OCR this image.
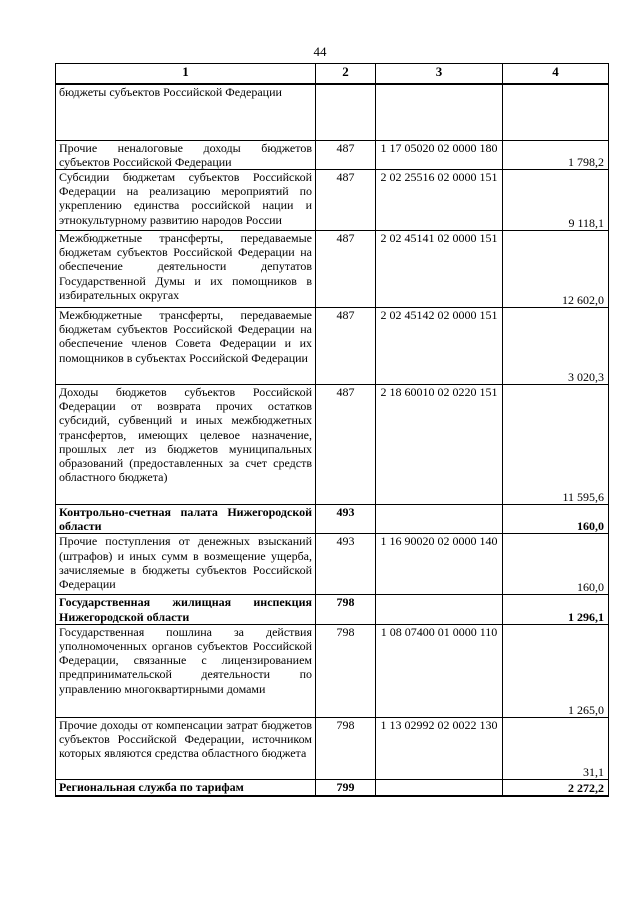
44
1	2	3	4
бюджеты субъектов Российской Федерации			
Прочие неналоговые доходы бюджетов субъектов Российской Федерации	487	1 17 05020 02 0000 180	1 798,2
Субсидии бюджетам субъектов Российской Федерации на реализацию мероприятий по укреплению единства российской нации и этнокультурному развитию народов России	487	2 02 25516 02 0000 151	9 118,1
Межбюджетные трансферты, передаваемые бюджетам субъектов Российской Федерации на обеспечение деятельности депутатов Государственной Думы и их помощников в избирательных округах	487	2 02 45141 02 0000 151	12 602,0
Межбюджетные трансферты, передаваемые бюджетам субъектов Российской Федерации на обеспечение членов Совета Федерации и их помощников в субъектах Российской Федерации	487	2 02 45142 02 0000 151	3 020,3
Доходы бюджетов субъектов Российской Федерации от возврата прочих остатков субсидий, субвенций и иных межбюджетных трансфертов, имеющих целевое назначение, прошлых лет из бюджетов муниципальных образований (предоставленных за счет средств областного бюджета)	487	2 18 60010 02 0220 151	11 595,6
Контрольно-счетная палата Нижегородской области	493		160,0
Прочие поступления от денежных взысканий (штрафов) и иных сумм в возмещение ущерба, зачисляемые в бюджеты субъектов Российской Федерации	493	1 16 90020 02 0000 140	160,0
Государственная жилищная инспекция Нижегородской области	798		1 296,1
Государственная пошлина за действия уполномоченных органов субъектов Российской Федерации, связанные с лицензированием предпринимательской деятельности по управлению многоквартирными домами	798	1 08 07400 01 0000 110	1 265,0
Прочие доходы от компенсации затрат бюджетов субъектов Российской Федерации, источником которых являются средства областного бюджета	798	1 13 02992 02 0022 130	31,1
Региональная служба по тарифам	799		2 272,2
